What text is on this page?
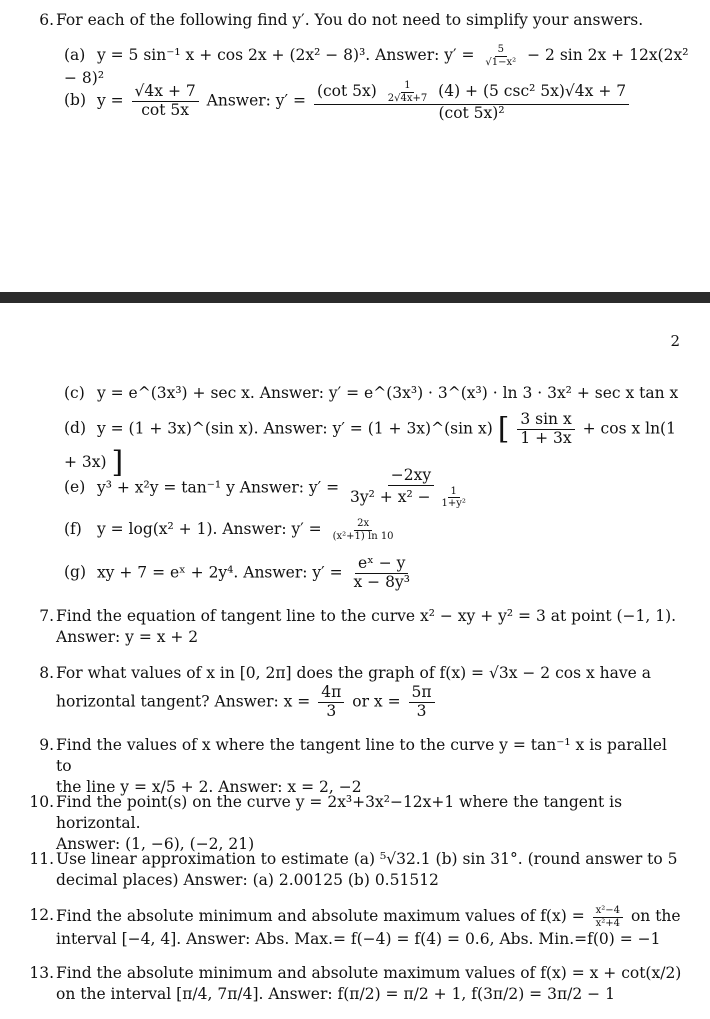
6. For each of the following find y′. You do not need to simplify your answers.
(a) y = 5 sin⁻¹ x + cos 2x + (2x² − 8)³. Answer: $y' = \frac{5}{\text{√1−x²}} - 2$ sin 2x + 12x(2x² − 8)²
(b) $y = \frac{√4x + 7}{\cot 5x}$ Answer: y′ =
(cot $5x) \frac{1}{2√4x+7} (4) + (5$ csc² 5x)√4x + 7
(cot 5x)²
2
(c) y = e^(3x³) + sec x. Answer: y′ = e^(3x³) · 3^(x³) · ln 3 · 3x² + sec x tan x
(d) y = (1 + 3x)^(sin x). Answer: y′ = (1 + 3x)^(sin x) [ $\frac{\text{3 sin x}}{1 + 3x} + \cos x$ ln(1 + 3x) ]
(e) y³ + x²y = tan⁻¹ y Answer: $y' = \frac{-2xy}{3y^2 + x^2 - \frac{1}{\text{1+y²}}}$
(f) y = log(x² + 1). Answer: $y' = \frac{2x}{\text{(x²+1) ln 10}}$
(g) xy + 7 = eˣ + 2y⁴. Answer: $y' = \frac{\text{eˣ − y}}{\text{x − 8y³}}$
7. Find the equation of tangent line to the curve x² − xy + y² = 3 at point (−1, 1).
Answer: y = x + 2
8. For what values of x in [0, 2π] does the graph of f(x) = √3x − 2 cos x have a
horizontal tangent? Answer: $x = \frac{4\pi}{3}$ or $x = \frac{5\pi}{3}$
9. Find the values of x where the tangent line to the curve y = tan⁻¹ x is parallel to
the line y = x/5 + 2. Answer: x = 2, −2
10. Find the point(s) on the curve y = 2x³+3x²−12x+1 where the tangent is horizontal.
Answer: (1, −6), (−2, 21)
11. Use linear approximation to estimate (a) ⁵√32.1 (b) sin 31°. (round answer to 5
decimal places) Answer: (a) 2.00125 (b) 0.51512
12. Find the absolute minimum and absolute maximum values of $f(x) = \frac{\text{x²−4}}{\text{x²+4}}$ on the
interval [−4, 4]. Answer: Abs. Max.= f(−4) = f(4) = 0.6, Abs. Min.=f(0) = −1
13. Find the absolute minimum and absolute maximum values of f(x) = x + cot(x/2)
on the interval [π/4, 7π/4]. Answer: f(π/2) = π/2 + 1, f(3π/2) = 3π/2 − 1
